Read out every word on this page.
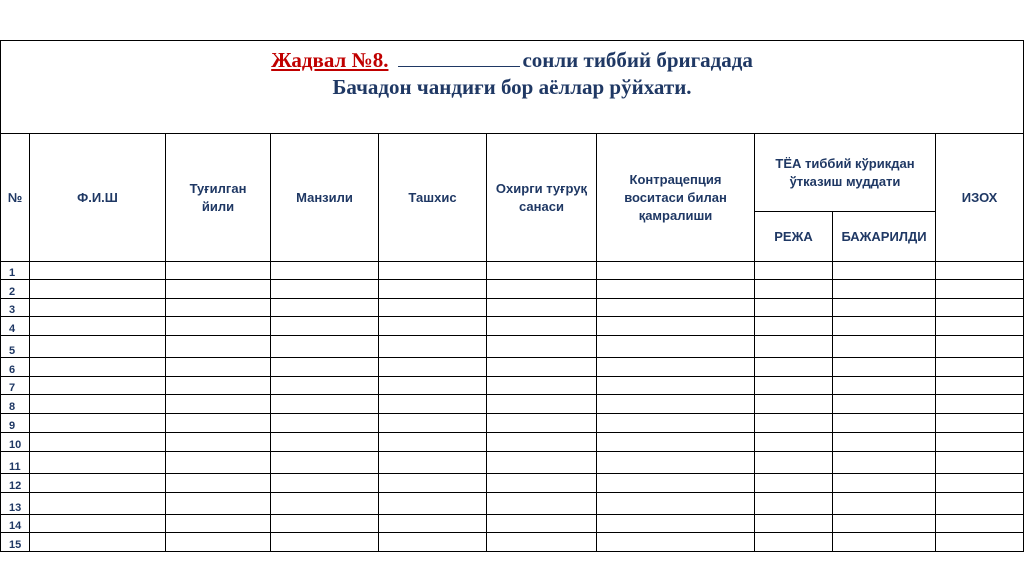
Жадвал №8. сонли тиббий бригадада
Бачадон чандиғи бор аёллар рўйхати.									
№	Ф.И.Ш	Туғилган йили	Манзили	Ташхис	Охирги туғруқ санаси	Контрацепция воситаси билан қамралиши	ТЁА тиббий кўрикдан ўтказиш муддати		ИЗОХ
							РЕЖА	БАЖАРИЛДИ	
1									
2									
3									
4									
5									
6									
7									
8									
9									
10									
11									
12									
13									
14									
15									
